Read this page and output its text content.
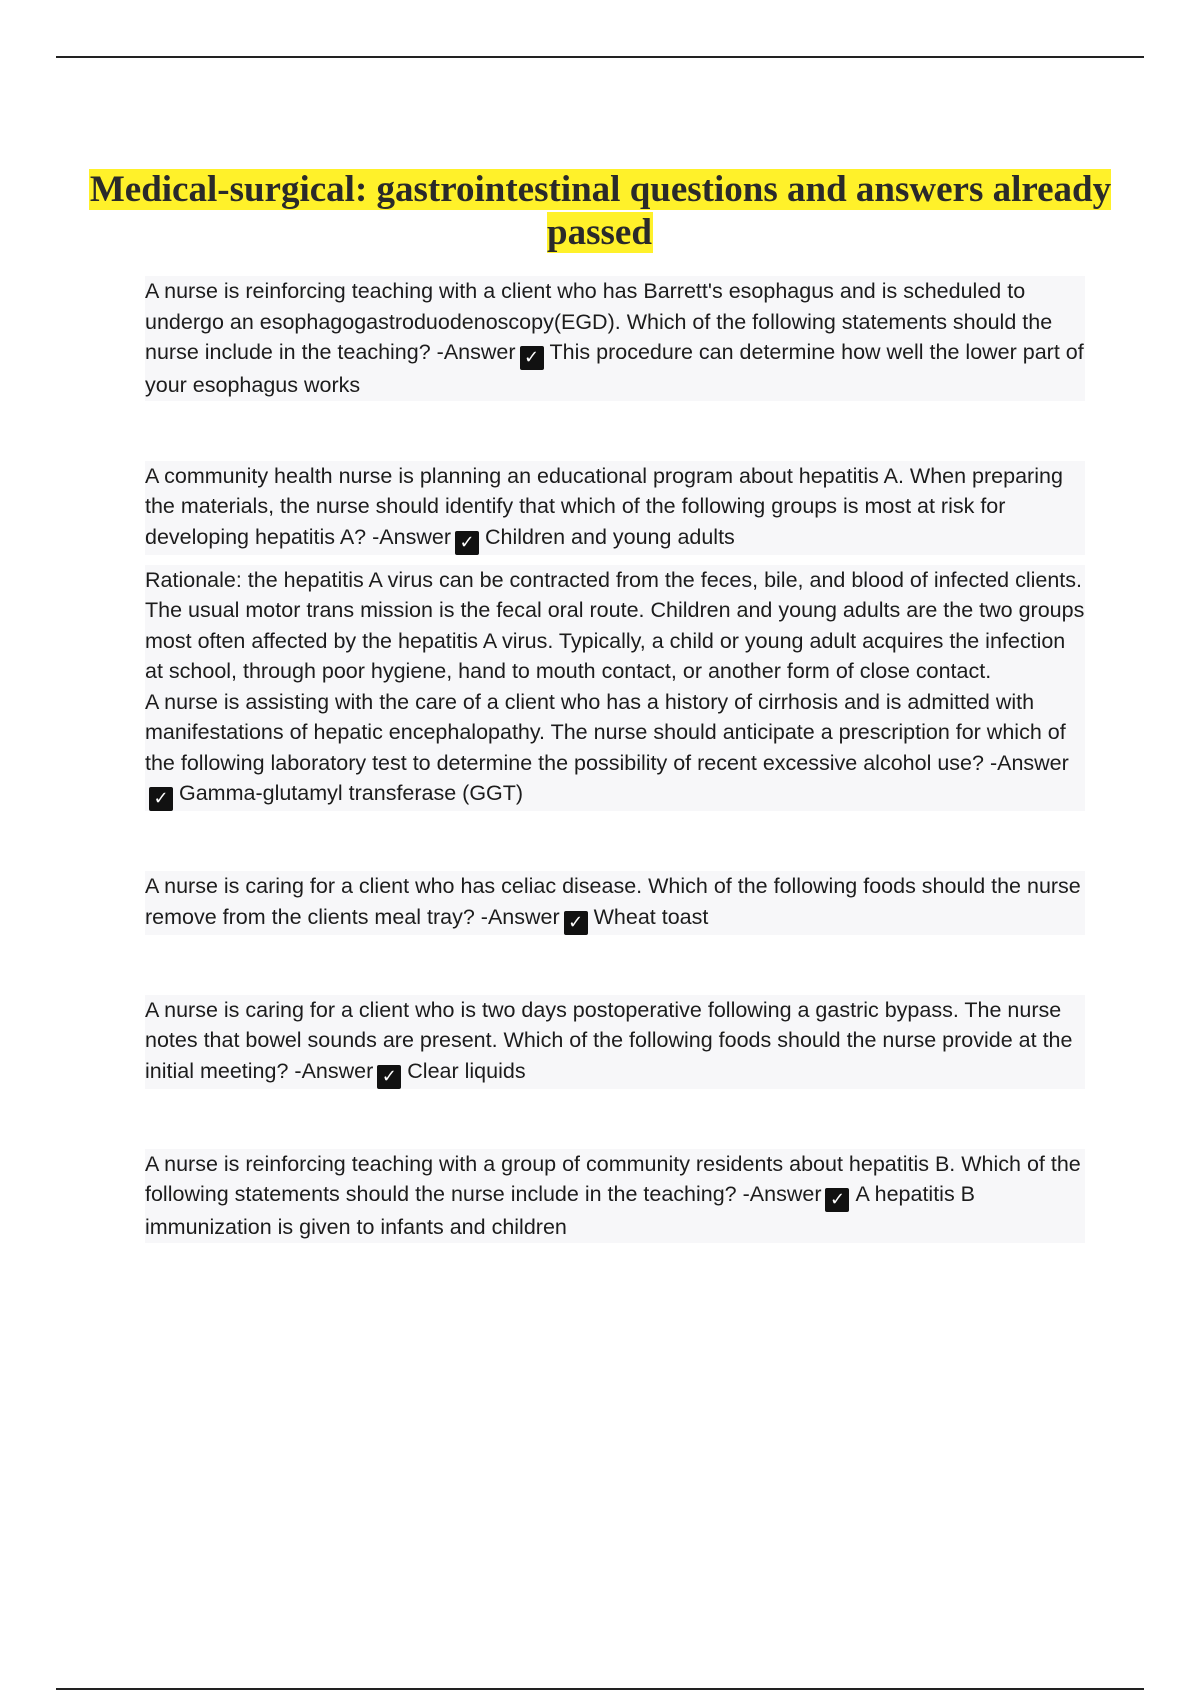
Medical-surgical: gastrointestinal questions and answers already passed

A nurse is reinforcing teaching with a client who has Barrett's esophagus and is scheduled to undergo an esophagogastroduodenoscopy(EGD). Which of the following statements should the nurse include in the teaching? -Answer ✓ This procedure can determine how well the lower part of your esophagus works

A community health nurse is planning an educational program about hepatitis A. When preparing the materials, the nurse should identify that which of the following groups is most at risk for developing hepatitis A? -Answer ✓ Children and young adults

Rationale: the hepatitis A virus can be contracted from the feces, bile, and blood of infected clients. The usual motor trans mission is the fecal oral route. Children and young adults are the two groups most often affected by the hepatitis A virus. Typically, a child or young adult acquires the infection at school, through poor hygiene, hand to mouth contact, or another form of close contact.

A nurse is assisting with the care of a client who has a history of cirrhosis and is admitted with manifestations of hepatic encephalopathy. The nurse should anticipate a prescription for which of the following laboratory test to determine the possibility of recent excessive alcohol use? -Answer✓ Gamma-glutamyl transferase (GGT)

A nurse is caring for a client who has celiac disease. Which of the following foods should the nurse remove from the clients meal tray? -Answer ✓ Wheat toast

A nurse is caring for a client who is two days postoperative following a gastric bypass. The nurse notes that bowel sounds are present. Which of the following foods should the nurse provide at the initial meeting? -Answer ✓ Clear liquids

A nurse is reinforcing teaching with a group of community residents about hepatitis B. Which of the following statements should the nurse include in the teaching? -Answer ✓ A hepatitis B immunization is given to infants and children
